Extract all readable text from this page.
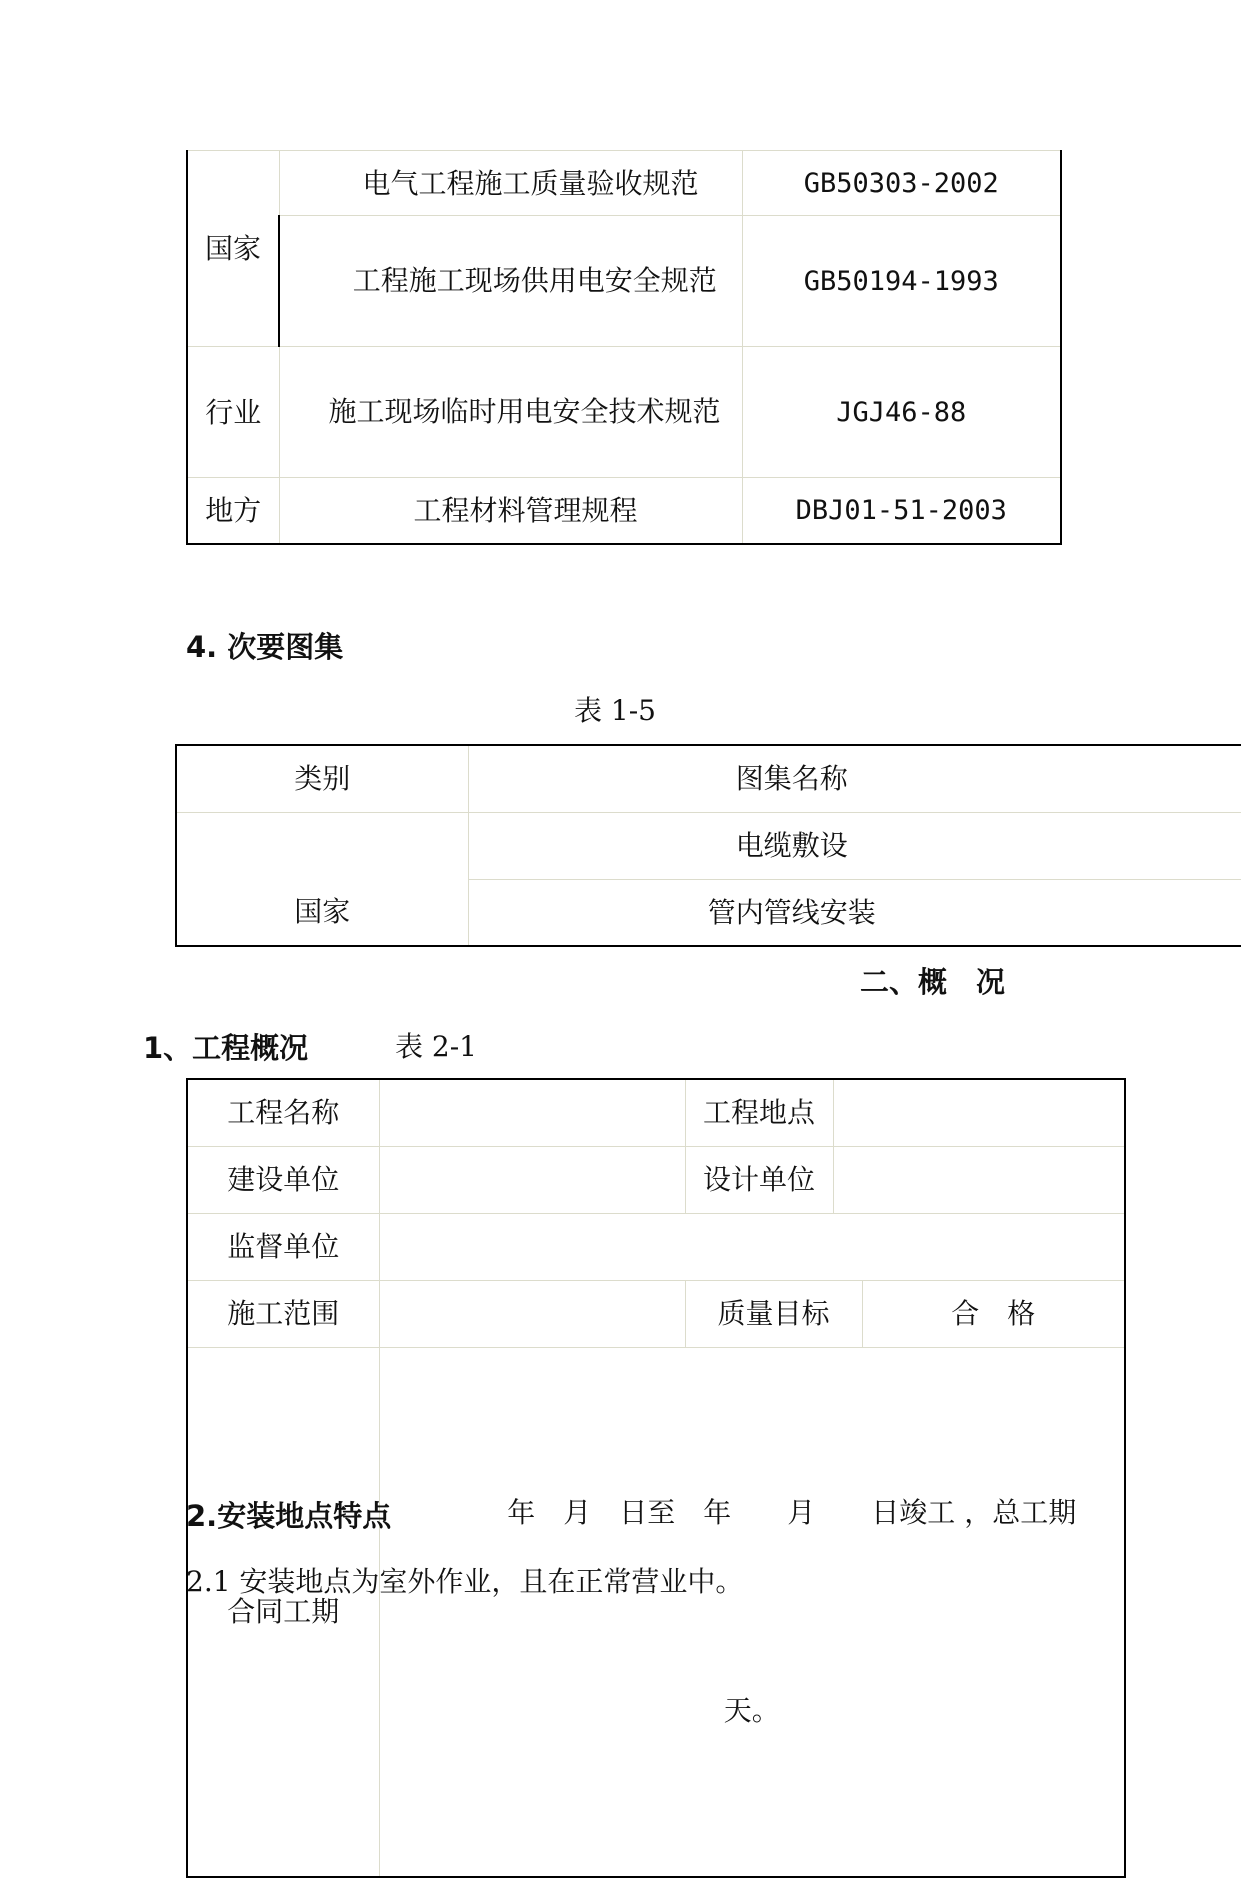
国家	电气工程施工质量验收规范	GB50303-2002
	工程施工现场供用电安全规范	GB50194-1993
行业	施工现场临时用电安全技术规范	JGJ46-88
地方	工程材料管理规程	DBJ01-51-2003
4. 次要图集
表 1-5
类别	图集名称
国家	电缆敷设
	管内管线安装
二、概　况
1、工程概况	表 2-1
工程名称		工程地点		
建设单位		设计单位		
监督单位				
施工范围		质量目标		合　格
合同工期	年　月　日至　年　　月　　日竣工 ，总工期

天。			

2.安装地点特点
2.1 安装地点为室外作业，且在正常营业中。
